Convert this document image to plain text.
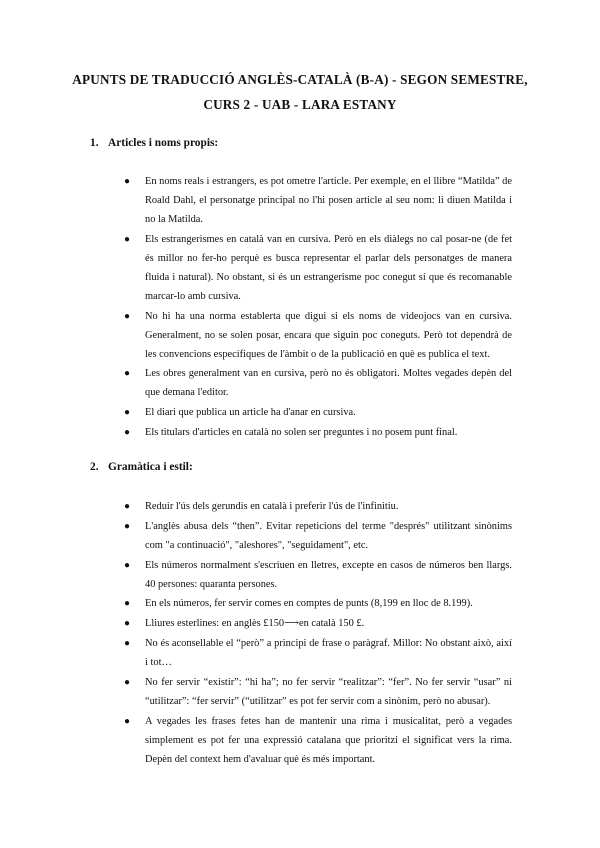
APUNTS DE TRADUCCIÓ ANGLÈS-CATALÀ (B-A) - SEGON SEMESTRE,

CURS 2 - UAB - LARA ESTANY

1. Articles i noms propis:

● En noms reals i estrangers, es pot ometre l'article. Per exemple, en el llibre “Matilda” de Roald Dahl, el personatge principal no l'hi posen article al seu nom: li diuen Matilda i no la Matilda.
● Els estrangerismes en català van en cursiva. Però en els diàlegs no cal posar-ne (de fet és millor no fer-ho perquè es busca representar el parlar dels personatges de manera fluida i natural). No obstant, si és un estrangerisme poc conegut sí que és recomanable marcar-lo amb cursiva.
● No hi ha una norma establerta que digui si els noms de videojocs van en cursiva. Generalment, no se solen posar, encara que siguin poc coneguts. Però tot dependrà de les convencions específiques de l'àmbit o de la publicació en què es publica el text.
● Les obres generalment van en cursiva, però no és obligatori. Moltes vegades depèn del que demana l'editor.
● El diari que publica un article ha d'anar en cursiva.
● Els titulars d'articles en català no solen ser preguntes i no posem punt final.

2. Gramàtica i estil:

● Reduir l'ús dels gerundis en català i preferir l'ús de l'infinitiu.
● L'anglès abusa dels “then”. Evitar repeticions del terme "després" utilitzant sinònims com "a continuació", "aleshores", "seguidament", etc.
● Els números normalment s'escriuen en lletres, excepte en casos de números ben llargs. 40 persones: quaranta persones.
● En els números, fer servir comes en comptes de punts (8,199 en lloc de 8.199).
● Lliures esterlines: en anglès £150⟶en català 150 £.
● No és aconsellable el “però” a principi de frase o paràgraf. Millor: No obstant això, així i tot…
● No fer servir “existir”: “hi ha”; no fer servir “realitzar”: “fer”. No fer servir “usar” ni “utilitzar”: “fer servir” (“utilitzar” es pot fer servir com a sinònim, però no abusar).
● A vegades les frases fetes han de mantenir una rima i musicalitat, però a vegades simplement es pot fer una expressió catalana que prioritzi el significat vers la rima. Depèn del context hem d'avaluar què és més important.
